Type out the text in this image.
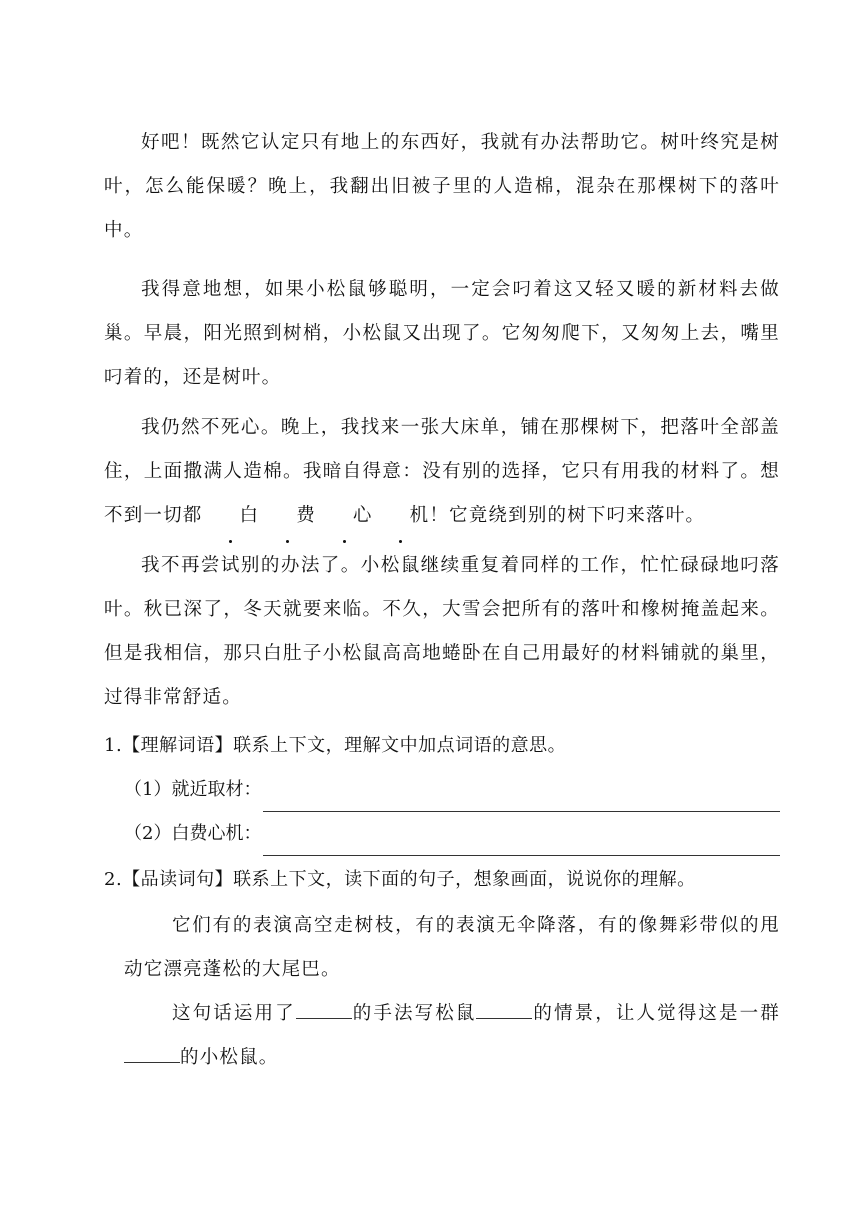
好吧！既然它认定只有地上的东西好，我就有办法帮助它。树叶终究是树叶，怎么能保暖？晚上，我翻出旧被子里的人造棉，混杂在那棵树下的落叶中。

我得意地想，如果小松鼠够聪明，一定会叼着这又轻又暖的新材料去做巢。早晨，阳光照到树梢，小松鼠又出现了。它匆匆爬下，又匆匆上去，嘴里叼着的，还是树叶。

我仍然不死心。晚上，我找来一张大床单，铺在那棵树下，把落叶全部盖住，上面撒满人造棉。我暗自得意：没有别的选择，它只有用我的材料了。想不到一切都 白 费 心 机！它竟绕到别的树下叼来落叶。

我不再尝试别的办法了。小松鼠继续重复着同样的工作，忙忙碌碌地叼落叶。秋已深了，冬天就要来临。不久，大雪会把所有的落叶和橡树掩盖起来。但是我相信，那只白肚子小松鼠高高地蜷卧在自己用最好的材料铺就的巢里，过得非常舒适。

1.【理解词语】联系上下文，理解文中加点词语的意思。

（1）就近取材：
（2）白费心机：

2.【品读词句】联系上下文，读下面的句子，想象画面，说说你的理解。

它们有的表演高空走树枝，有的表演无伞降落，有的像舞彩带似的甩动它漂亮蓬松的大尾巴。

这句话运用了	的手法写松鼠	的情景，让人觉得这是一群的小松鼠。
